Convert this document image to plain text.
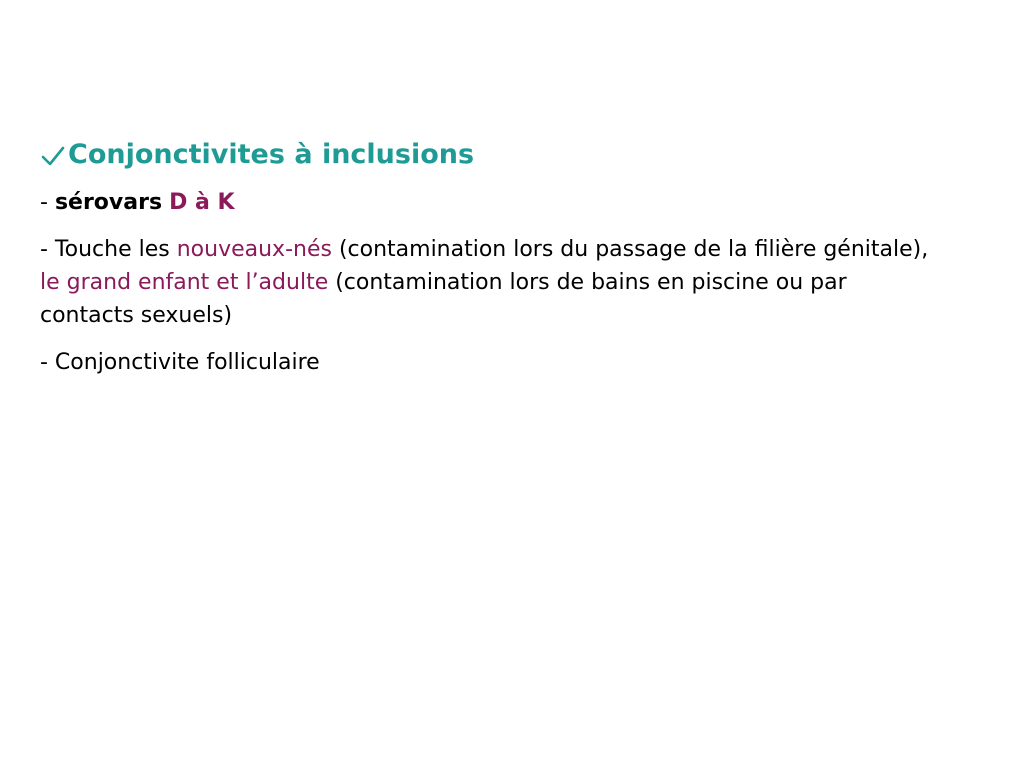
Conjonctivites à inclusions
- sérovars D à K
- Touche les nouveaux-nés (contamination lors du passage de la filière génitale), le grand enfant et l’adulte (contamination lors de bains en piscine ou par contacts sexuels)
- Conjonctivite folliculaire
